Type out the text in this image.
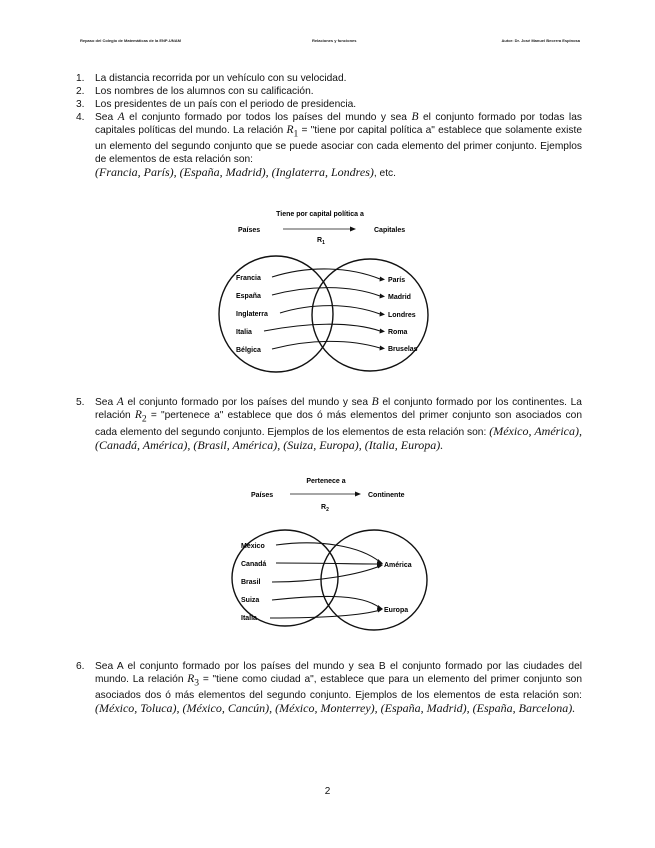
Repaso del Colegio de Matemáticas de la ENP-UNAM	Relaciones y funciones	Autor: Dr. José Manuel Becerra Espinosa
1. La distancia recorrida por un vehículo con su velocidad.
2. Los nombres de los alumnos con su calificación.
3. Los presidentes de un país con el periodo de presidencia.
4. Sea A el conjunto formado por todos los países del mundo y sea B el conjunto formado por todas las capitales políticas del mundo. La relación $R_1$ = "tiene por capital política a" establece que solamente existe un elemento del segundo conjunto que se puede asociar con cada elemento del primer conjunto. Ejemplos de elementos de esta relación son:
(Francia, París), (España, Madrid), (Inglaterra, Londres), etc.
Tiene por capital política a
Países	Capitales
$R_1$
Francia
España
Inglaterra
Italia
Bélgica
París
Madrid
Londres
Roma
Bruselas
5. Sea A el conjunto formado por los países del mundo y sea B el conjunto formado por los continentes. La relación $R_2$ = "pertenece a" establece que dos ó más elementos del primer conjunto son asociados con cada elemento del segundo conjunto. Ejemplos de los elementos de esta relación son: (México, América), (Canadá, América), (Brasil, América), (Suiza, Europa), (Italia, Europa).
Pertenece a
Países	Continente
$R_2$
México
Canadá
Brasil
Suiza
Italia
América
Europa
6. Sea A el conjunto formado por los países del mundo y sea B el conjunto formado por las ciudades del mundo. La relación $R_3$ = "tiene como ciudad a", establece que para un elemento del primer conjunto son asociados dos ó más elementos del segundo conjunto. Ejemplos de los elementos de esta relación son: (México, Toluca), (México, Cancún), (México, Monterrey), (España, Madrid), (España, Barcelona).
2
